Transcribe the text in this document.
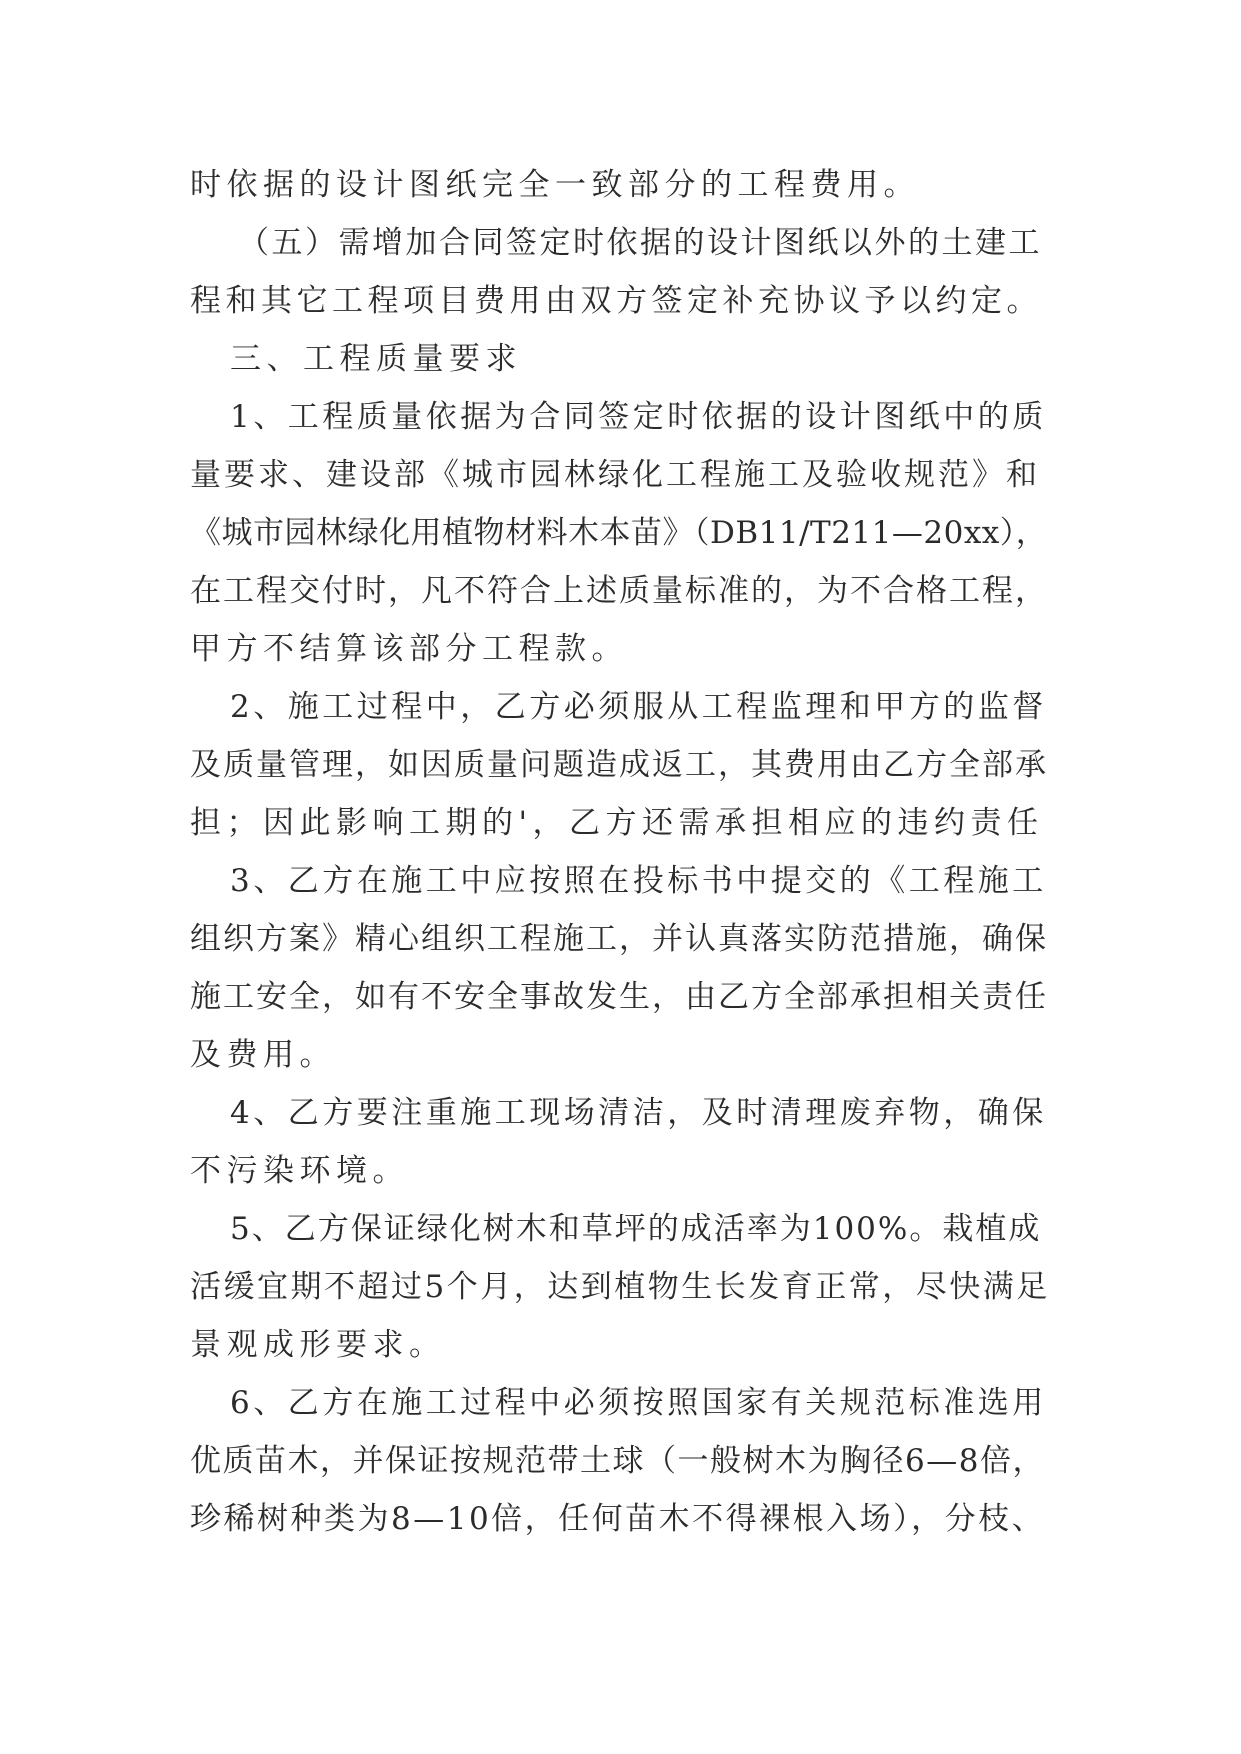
时依据的设计图纸完全一致部分的工程费用。
（五）需增加合同签定时依据的设计图纸以外的土建工
程和其它工程项目费用由双方签定补充协议予以约定。
三、工程质量要求
1、工程质量依据为合同签定时依据的设计图纸中的质
量要求、建设部《城市园林绿化工程施工及验收规范》和
《城市园林绿化用植物材料木本苗》（DB11/T211—20xx），
在工程交付时，凡不符合上述质量标准的，为不合格工程，
甲方不结算该部分工程款。
2、施工过程中，乙方必须服从工程监理和甲方的监督
及质量管理，如因质量问题造成返工，其费用由乙方全部承
担；因此影响工期的'，乙方还需承担相应的违约责任
3、乙方在施工中应按照在投标书中提交的《工程施工
组织方案》精心组织工程施工，并认真落实防范措施，确保
施工安全，如有不安全事故发生，由乙方全部承担相关责任
及费用。
4、乙方要注重施工现场清洁，及时清理废弃物，确保
不污染环境。
5、乙方保证绿化树木和草坪的成活率为100%。栽植成
活缓宜期不超过5个月，达到植物生长发育正常，尽快满足
景观成形要求。
6、乙方在施工过程中必须按照国家有关规范标准选用
优质苗木，并保证按规范带土球（一般树木为胸径6—8倍，
珍稀树种类为8—10倍，任何苗木不得裸根入场），分枝、
